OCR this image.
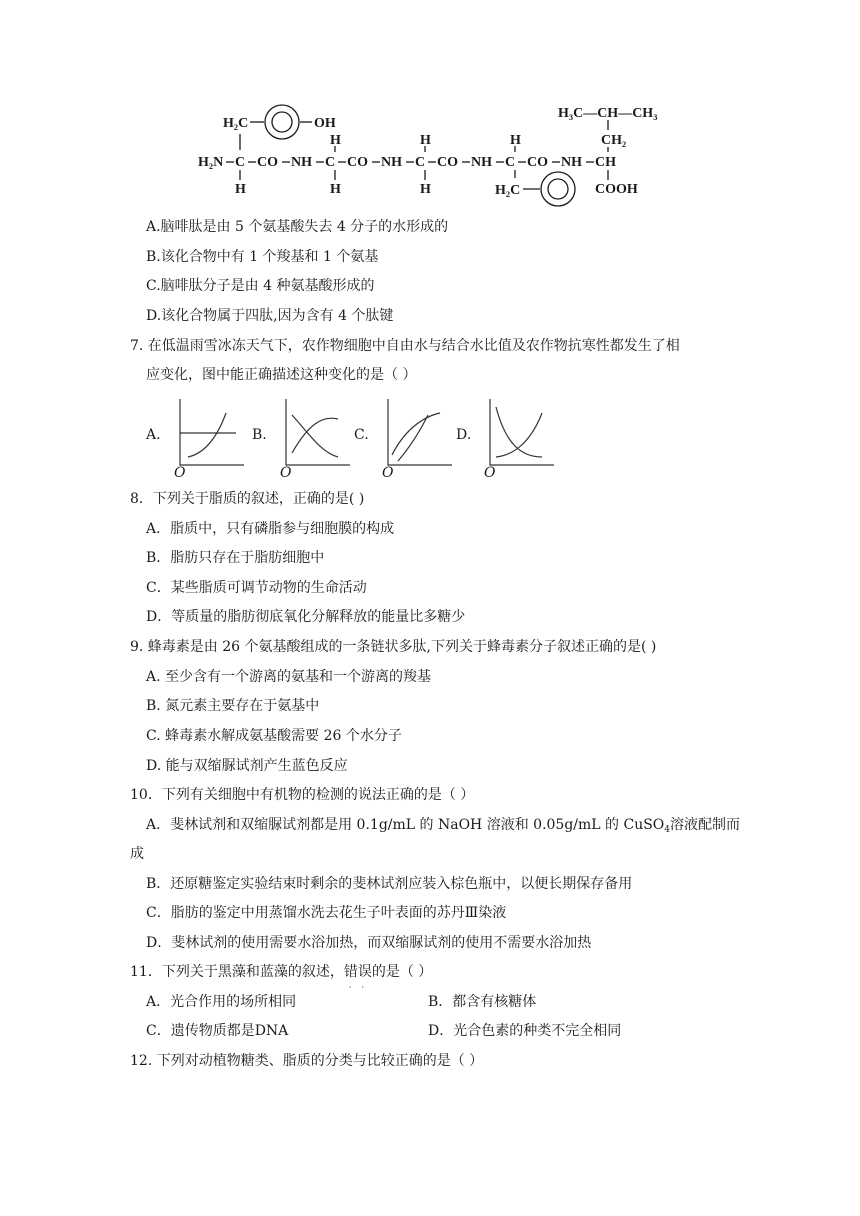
H₂C	OH
H₂N C CO NH C CO NH C CO NH C CO NH CH
H
H
H
H
H
H
H₂C
H₃C—CH—CH₃
CH₂
COOH
A.脑啡肽是由 5 个氨基酸失去 4 分子的水形成的
B.该化合物中有 1 个羧基和 1 个氨基
C.脑啡肽分子是由 4 种氨基酸形成的
D.该化合物属于四肽,因为含有 4 个肽键
7. 在低温雨雪冰冻天气下，农作物细胞中自由水与结合水比值及农作物抗寒性都发生了相
应变化，图中能正确描述这种变化的是（ ）
A.
O
B.
O
C.
O
D.
O
8．下列关于脂质的叙述，正确的是( )
A．脂质中，只有磷脂参与细胞膜的构成
B．脂肪只存在于脂肪细胞中
C．某些脂质可调节动物的生命活动
D．等质量的脂肪彻底氧化分解释放的能量比多糖少
9. 蜂毒素是由 26 个氨基酸组成的一条链状多肽,下列关于蜂毒素分子叙述正确的是( )
A. 至少含有一个游离的氨基和一个游离的羧基
B. 氮元素主要存在于氨基中
C. 蜂毒素水解成氨基酸需要 26 个水分子
D. 能与双缩脲试剂产生蓝色反应
10．下列有关细胞中有机物的检测的说法正确的是（ ）
A．斐林试剂和双缩脲试剂都是用 0.1g/mL 的 NaOH 溶液和 0.05g/mL 的 CuSO$_4$溶液配制而
成
B．还原糖鉴定实验结束时剩余的斐林试剂应装入棕色瓶中，以便长期保存备用
C．脂肪的鉴定中用蒸馏水洗去花生子叶表面的苏丹Ⅲ染液
D．斐林试剂的使用需要水浴加热，而双缩脲试剂的使用不需要水浴加热
11．下列关于黑藻和蓝藻的叙述，错误
··
的是（ ）
A．光合作用的场所相同	B．都含有核糖体
C．遗传物质都是DNA	D．光合色素的种类不完全相同
12. 下列对动植物糖类、脂质的分类与比较正确的是（ ）
